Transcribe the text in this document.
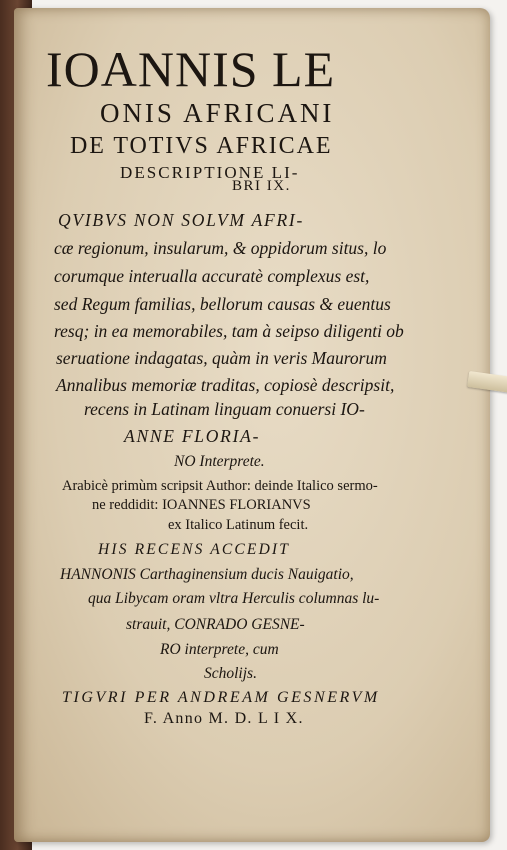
IOANNIS LE
ONIS AFRICANI
DE TOTIVS AFRICAE
DESCRIPTIONE LI-
BRI IX.
QVIBVS NON SOLVM AFRI-
cæ regionum, insularum, & oppidorum situs, lo
corumque interualla accuratè complexus est,
sed Regum familias, bellorum causas & euentus
resq; in ea memorabiles, tam à seipso diligenti ob
seruatione indagatas, quàm in veris Maurorum
Annalibus memoriæ traditas, copiosè descripsit,
recens in Latinam linguam conuersi IO-
ANNE FLORIA-
NO Interprete.
Arabicè primùm scripsit Author: deinde Italico sermo-
ne reddidit: IOANNES FLORIANVS
ex Italico Latinum fecit.
HIS RECENS ACCEDIT
HANNONIS Carthaginensium ducis Nauigatio,
qua Libycam oram vltra Herculis columnas lu-
strauit, CONRADO GESNE-
RO interprete, cum
Scholijs.
TIGVRI PER ANDREAM GESNERVM
F. Anno M. D. L I X.
